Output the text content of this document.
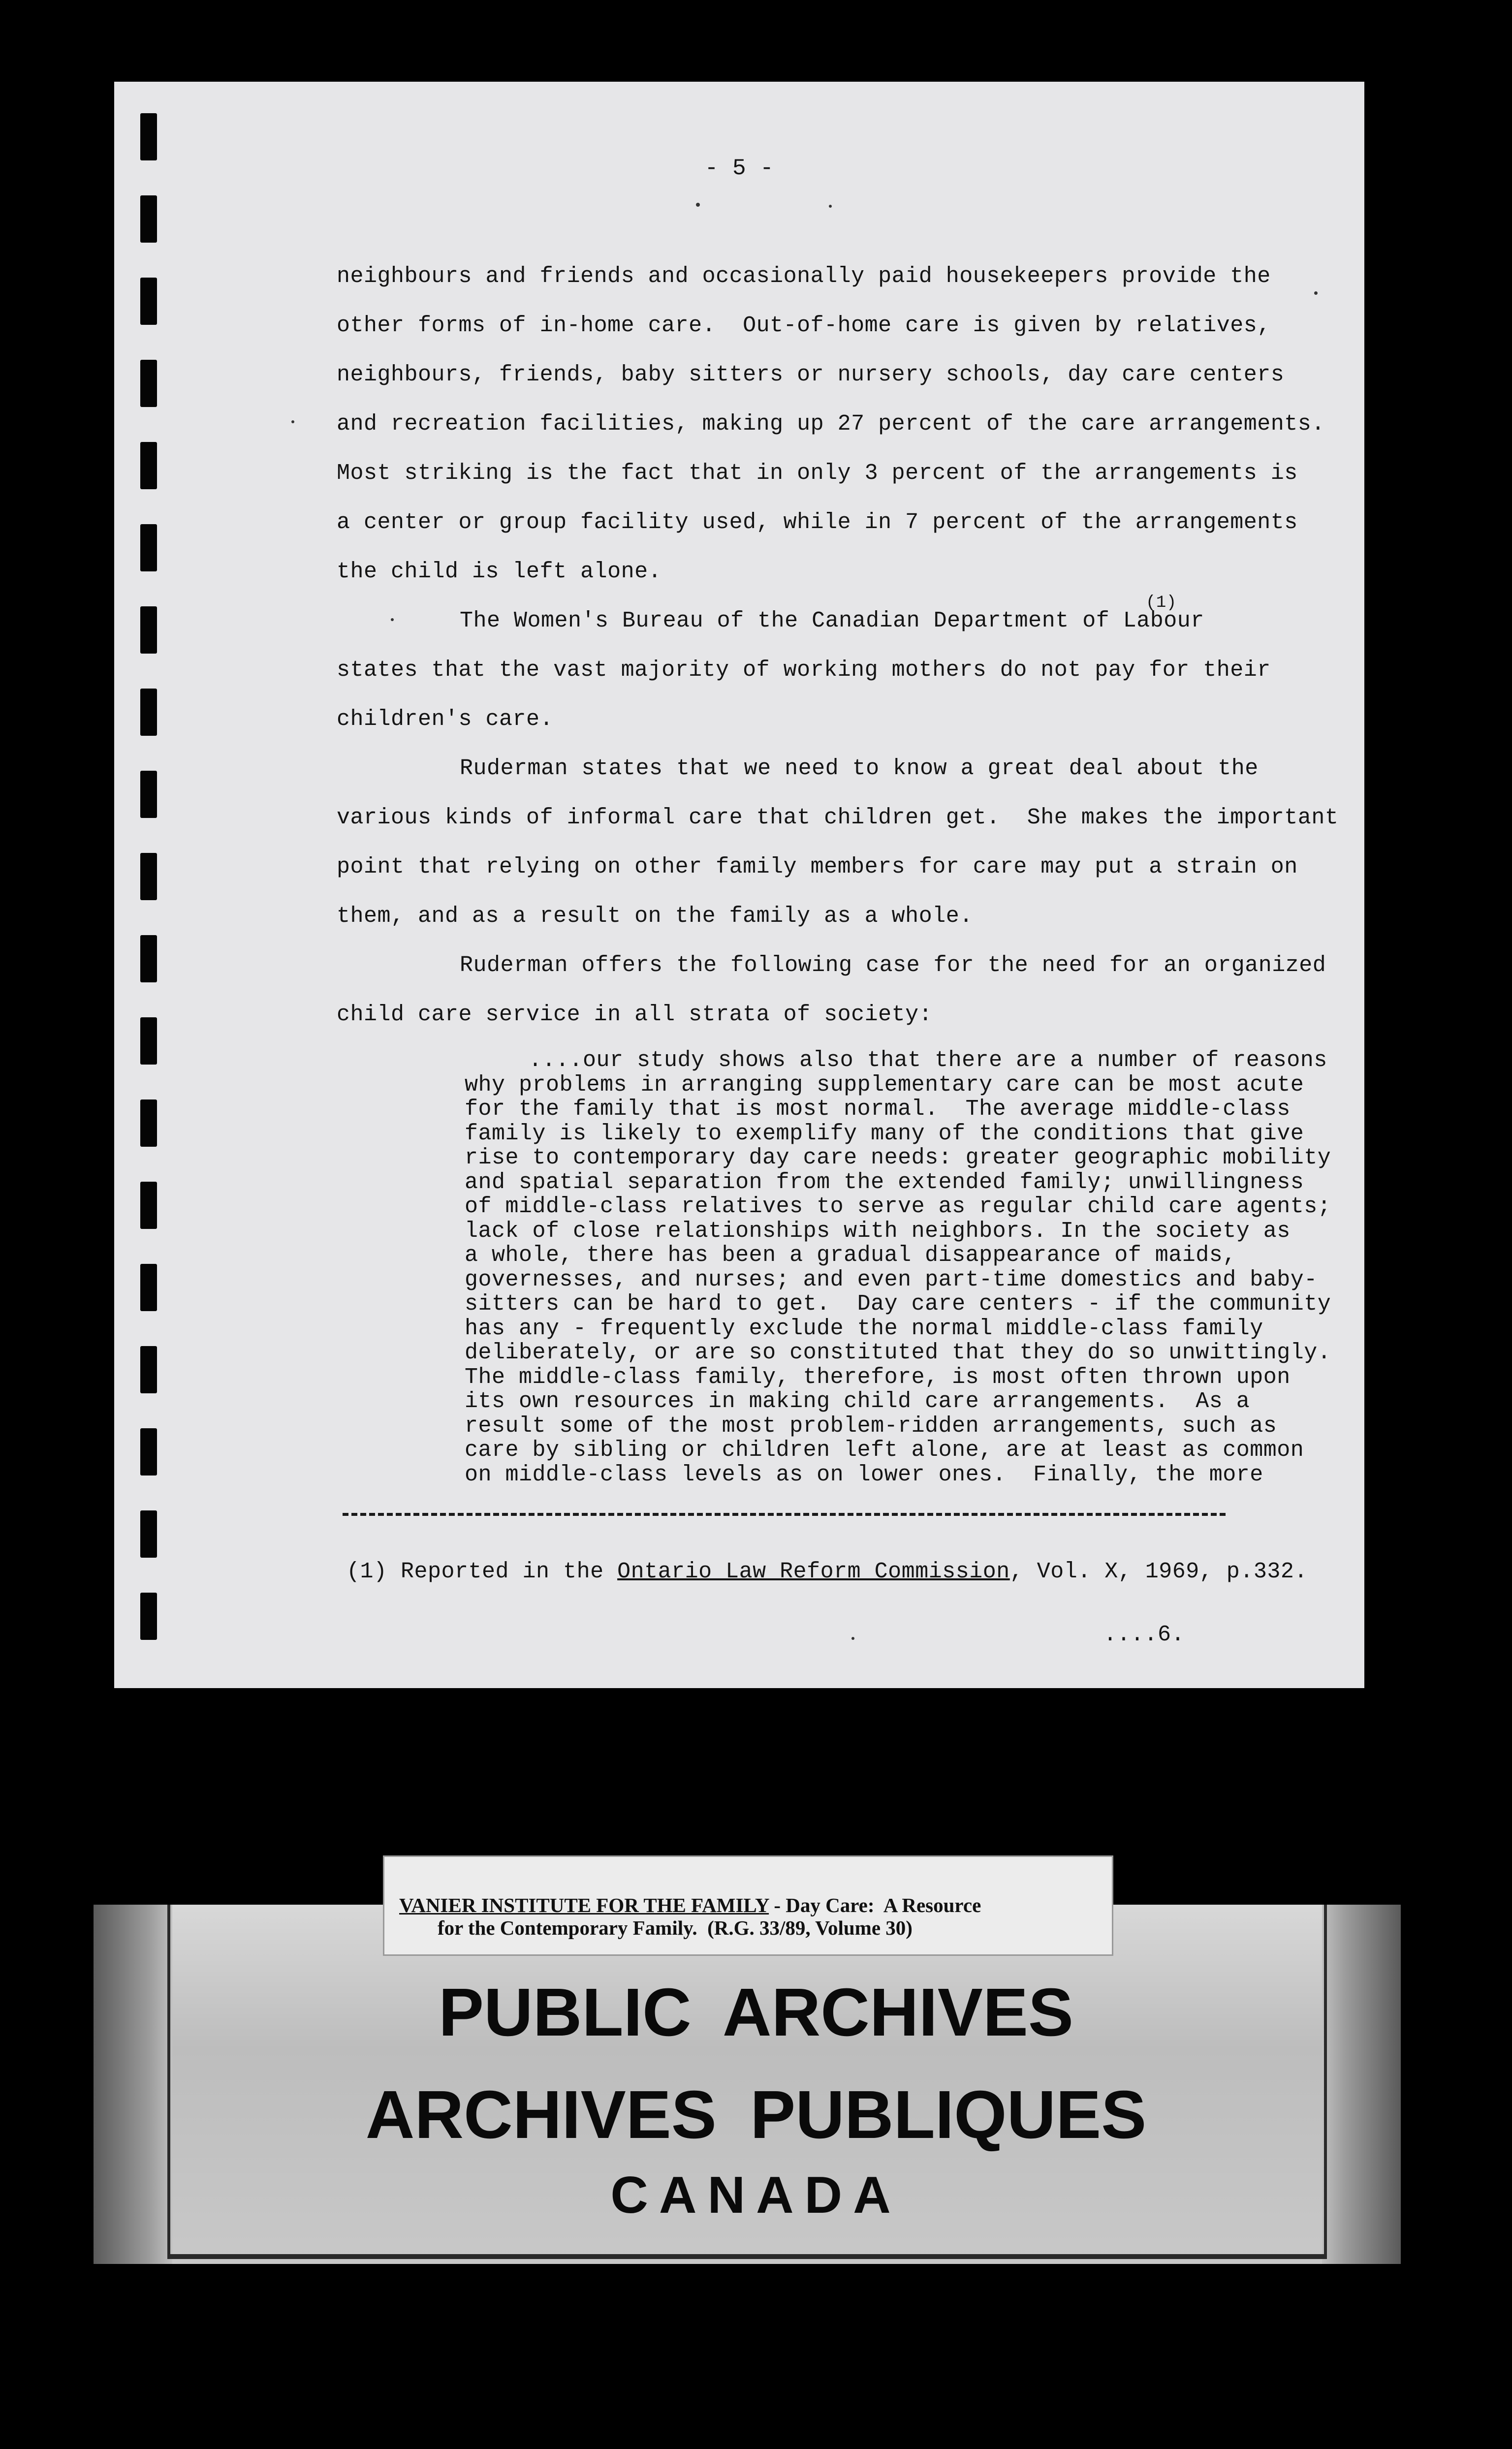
- 5 -
neighbours and friends and occasionally paid housekeepers provide the
other forms of in-home care.  Out-of-home care is given by relatives,
neighbours, friends, baby sitters or nursery schools, day care centers
and recreation facilities, making up 27 percent of the care arrangements.
Most striking is the fact that in only 3 percent of the arrangements is
a center or group facility used, while in 7 percent of the arrangements
the child is left alone.
The Women's Bureau of the Canadian Department of Labour
states that the vast majority of working mothers do not pay for their
children's care.
Ruderman states that we need to know a great deal about the
various kinds of informal care that children get.  She makes the important
point that relying on other family members for care may put a strain on
them, and as a result on the family as a whole.
Ruderman offers the following case for the need for an organized
child care service in all strata of society:
(1)
....our study shows also that there are a number of reasons
why problems in arranging supplementary care can be most acute
for the family that is most normal.  The average middle-class
family is likely to exemplify many of the conditions that give
rise to contemporary day care needs: greater geographic mobility
and spatial separation from the extended family; unwillingness
of middle-class relatives to serve as regular child care agents;
lack of close relationships with neighbors. In the society as
a whole, there has been a gradual disappearance of maids,
governesses, and nurses; and even part-time domestics and baby-
sitters can be hard to get.  Day care centers - if the community
has any - frequently exclude the normal middle-class family
deliberately, or are so constituted that they do so unwittingly.
The middle-class family, therefore, is most often thrown upon
its own resources in making child care arrangements.  As a
result some of the most problem-ridden arrangements, such as
care by sibling or children left alone, are at least as common
on middle-class levels as on lower ones.  Finally, the more
(1) Reported in the Ontario Law Reform Commission, Vol. X, 1969, p.332.
....6.
VANIER INSTITUTE FOR THE FAMILY - Day Care:  A Resource
for the Contemporary Family.  (R.G. 33/89, Volume 30)
PUBLIC ARCHIVES
ARCHIVES PUBLIQUES
CANADA
